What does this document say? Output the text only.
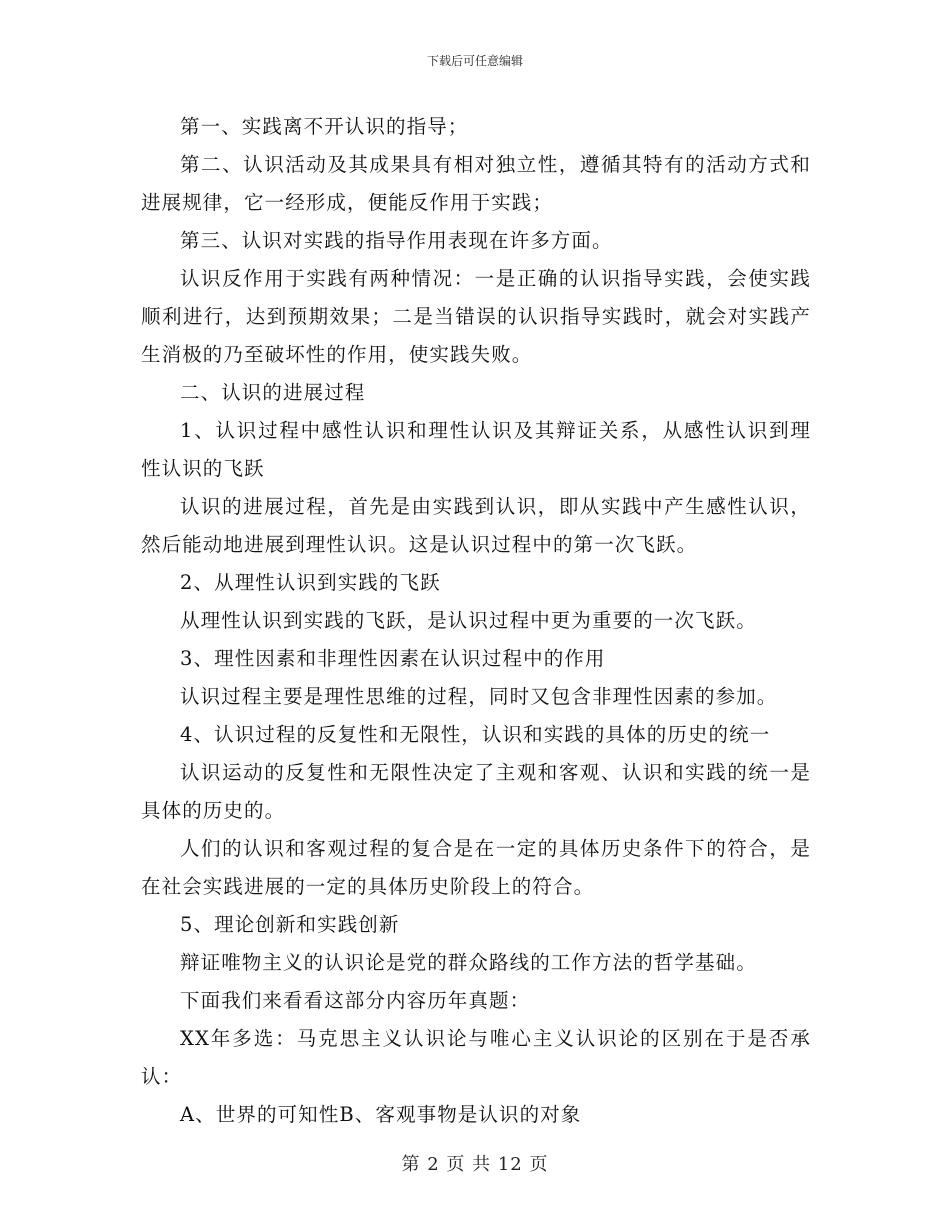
下载后可任意编辑

第一、实践离不开认识的指导；

第二、认识活动及其成果具有相对独立性，遵循其特有的活动方式和进展规律，它一经形成，便能反作用于实践；

第三、认识对实践的指导作用表现在许多方面。

认识反作用于实践有两种情况：一是正确的认识指导实践，会使实践顺利进行，达到预期效果；二是当错误的认识指导实践时，就会对实践产生消极的乃至破坏性的作用，使实践失败。

二、认识的进展过程

1、认识过程中感性认识和理性认识及其辩证关系，从感性认识到理性认识的飞跃

认识的进展过程，首先是由实践到认识，即从实践中产生感性认识，然后能动地进展到理性认识。这是认识过程中的第一次飞跃。

2、从理性认识到实践的飞跃

从理性认识到实践的飞跃，是认识过程中更为重要的一次飞跃。

3、理性因素和非理性因素在认识过程中的作用

认识过程主要是理性思维的过程，同时又包含非理性因素的参加。

4、认识过程的反复性和无限性，认识和实践的具体的历史的统一

认识运动的反复性和无限性决定了主观和客观、认识和实践的统一是具体的历史的。

人们的认识和客观过程的复合是在一定的具体历史条件下的符合，是在社会实践进展的一定的具体历史阶段上的符合。

5、理论创新和实践创新

辩证唯物主义的认识论是党的群众路线的工作方法的哲学基础。

下面我们来看看这部分内容历年真题：

XX年多选：马克思主义认识论与唯心主义认识论的区别在于是否承认：

A、世界的可知性B、客观事物是认识的对象

第 2 页 共 12 页
